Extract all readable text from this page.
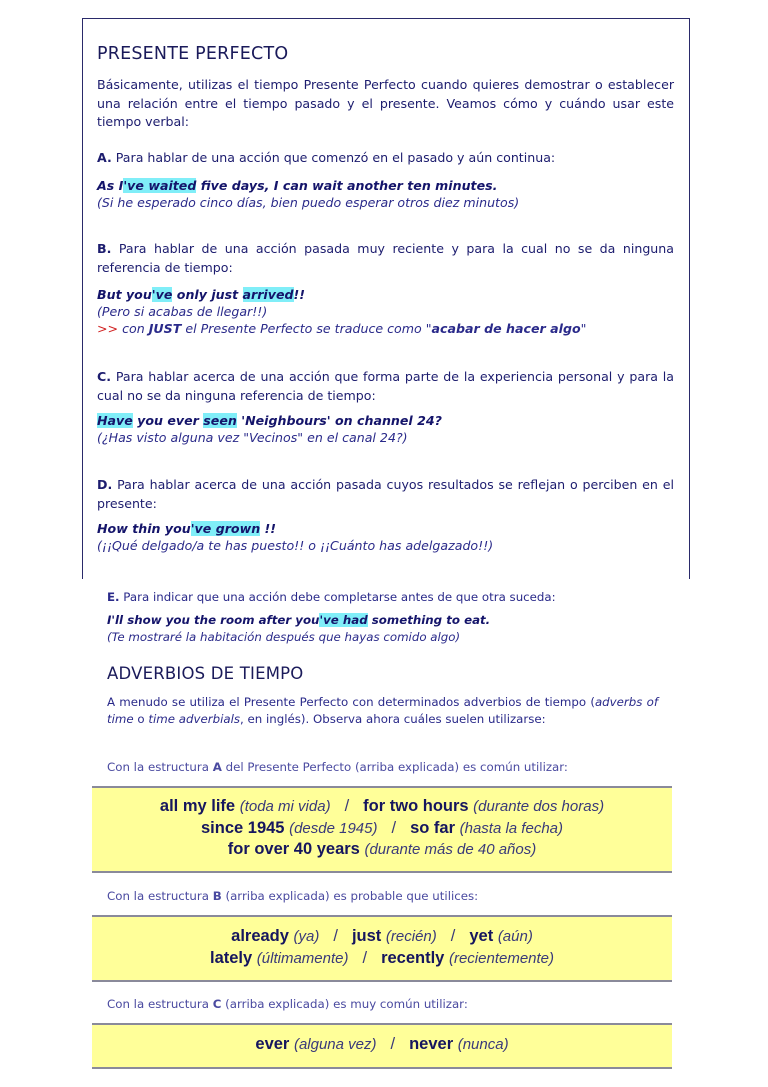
PRESENTE PERFECTO
Básicamente, utilizas el tiempo Presente Perfecto cuando quieres demostrar o establecer una relación entre el tiempo pasado y el presente. Veamos cómo y cuándo usar este tiempo verbal:
A. Para hablar de una acción que comenzó en el pasado y aún continua:
As I've waited five days, I can wait another ten minutes.
(Si he esperado cinco días, bien puedo esperar otros diez minutos)
B. Para hablar de una acción pasada muy reciente y para la cual no se da ninguna referencia de tiempo:
But you've only just arrived!!
(Pero si acabas de llegar!!)
>> con JUST el Presente Perfecto se traduce como "acabar de hacer algo"
C. Para hablar acerca de una acción que forma parte de la experiencia personal y para la cual no se da ninguna referencia de tiempo:
Have you ever seen 'Neighbours' on channel 24?
(¿Has visto alguna vez "Vecinos" en el canal 24?)
D. Para hablar acerca de una acción pasada cuyos resultados se reflejan o perciben en el presente:
How thin you've grown !!
(¡¡Qué delgado/a te has puesto!! o ¡¡Cuánto has adelgazado!!)
E. Para indicar que una acción debe completarse antes de que otra suceda:
I'll show you the room after you've had something to eat.
(Te mostraré la habitación después que hayas comido algo)
ADVERBIOS DE TIEMPO
A menudo se utiliza el Presente Perfecto con determinados adverbios de tiempo (adverbs of time o time adverbials, en inglés). Observa ahora cuáles suelen utilizarse:
Con la estructura A del Presente Perfecto (arriba explicada) es común utilizar:
all my life (toda mi vida) / for two hours (durante dos horas)
since 1945 (desde 1945) / so far (hasta la fecha)
for over 40 years (durante más de 40 años)
Con la estructura B (arriba explicada) es probable que utilices:
already (ya) / just (recién) / yet (aún)
lately (últimamente) / recently (recientemente)
Con la estructura C (arriba explicada) es muy común utilizar:
ever (alguna vez) / never (nunca)
